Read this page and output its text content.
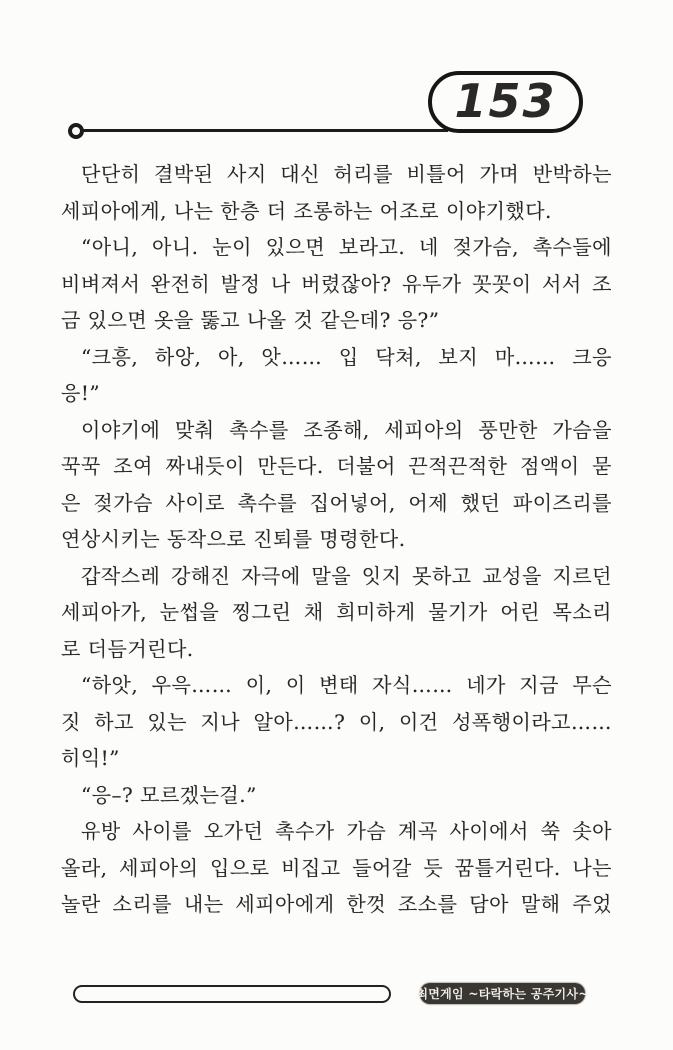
153
단단히 결박된 사지 대신 허리를 비틀어 가며 반박하는
세피아에게, 나는 한층 더 조롱하는 어조로 이야기했다.
“아니, 아니. 눈이 있으면 보라고. 네 젖가슴, 촉수들에
비벼져서 완전히 발정 나 버렸잖아? 유두가 꼿꼿이 서서 조
금 있으면 옷을 뚫고 나올 것 같은데? 응?”
“크흥, 하앙, 아, 앗…… 입 닥쳐, 보지 마…… 크응
응!”
이야기에 맞춰 촉수를 조종해, 세피아의 풍만한 가슴을
꾹꾹 조여 짜내듯이 만든다. 더불어 끈적끈적한 점액이 묻
은 젖가슴 사이로 촉수를 집어넣어, 어제 했던 파이즈리를
연상시키는 동작으로 진퇴를 명령한다.
갑작스레 강해진 자극에 말을 잇지 못하고 교성을 지르던
세피아가, 눈썹을 찡그린 채 희미하게 물기가 어린 목소리
로 더듬거린다.
“하앗, 우윽…… 이, 이 변태 자식…… 네가 지금 무슨
짓 하고 있는 지나 알아……? 이, 이건 성폭행이라고……
히익!”
“응–? 모르겠는걸.”
유방 사이를 오가던 촉수가 가슴 계곡 사이에서 쑥 솟아
올라, 세피아의 입으로 비집고 들어갈 듯 꿈틀거린다. 나는
놀란 소리를 내는 세피아에게 한껏 조소를 담아 말해 주었
최면게임 ~타락하는 공주기사~
